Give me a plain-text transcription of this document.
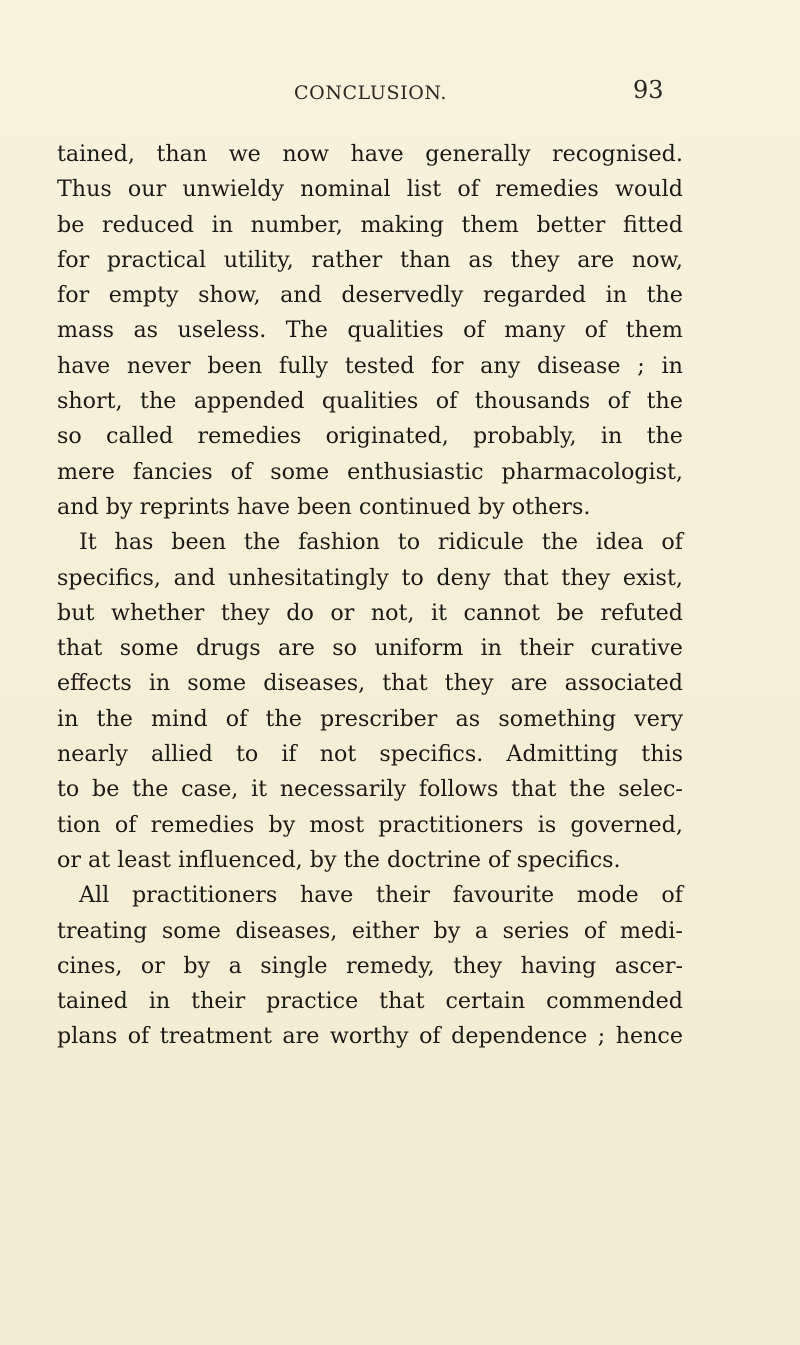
CONCLUSION.	93
tained, than we now have generally recognised.
Thus our unwieldy nominal list of remedies would
be reduced in number, making them better fitted
for practical utility, rather than as they are now,
for empty show, and deservedly regarded in the
mass as useless. The qualities of many of them
have never been fully tested for any disease ; in
short, the appended qualities of thousands of the
so called remedies originated, probably, in the
mere fancies of some enthusiastic pharmacologist,
and by reprints have been continued by others.
It has been the fashion to ridicule the idea of
specifics, and unhesitatingly to deny that they exist,
but whether they do or not, it cannot be refuted
that some drugs are so uniform in their curative
effects in some diseases, that they are associated
in the mind of the prescriber as something very
nearly allied to if not specifics. Admitting this
to be the case, it necessarily follows that the selec-
tion of remedies by most practitioners is governed,
or at least influenced, by the doctrine of specifics.
All practitioners have their favourite mode of
treating some diseases, either by a series of medi-
cines, or by a single remedy, they having ascer-
tained in their practice that certain commended
plans of treatment are worthy of dependence ; hence
